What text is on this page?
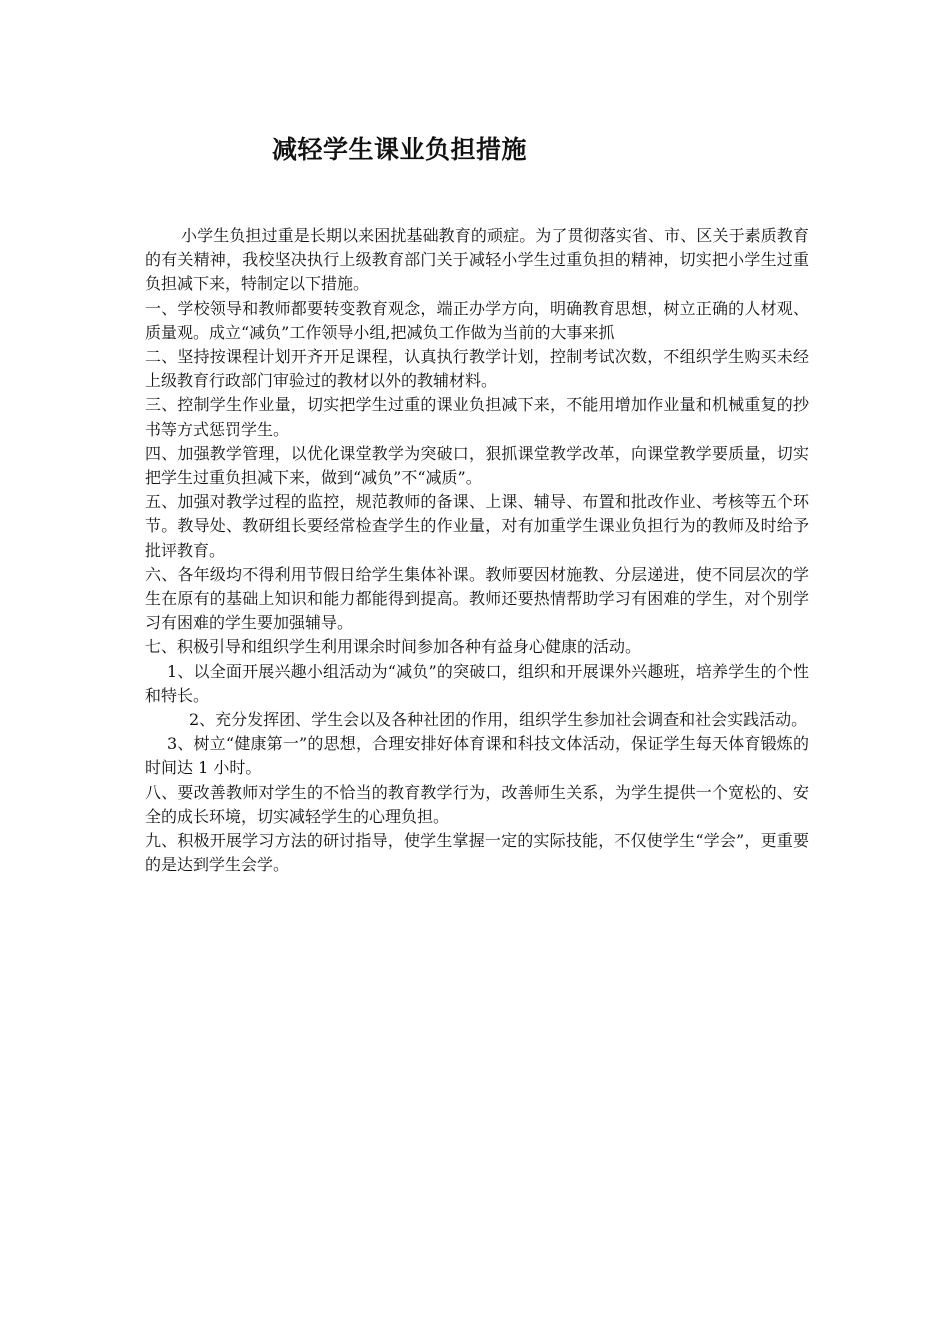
减轻学生课业负担措施

小学生负担过重是长期以来困扰基础教育的顽症。为了贯彻落实省、市、区关于素质教育的有关精神，我校坚决执行上级教育部门关于减轻小学生过重负担的精神，切实把小学生过重负担减下来，特制定以下措施。

一、学校领导和教师都要转变教育观念，端正办学方向，明确教育思想，树立正确的人材观、质量观。成立“减负”工作领导小组,把减负工作做为当前的大事来抓

二、坚持按课程计划开齐开足课程，认真执行教学计划，控制考试次数，不组织学生购买未经上级教育行政部门审验过的教材以外的教辅材料。

三、控制学生作业量，切实把学生过重的课业负担减下来，不能用增加作业量和机械重复的抄书等方式惩罚学生。

四、加强教学管理，以优化课堂教学为突破口，狠抓课堂教学改革，向课堂教学要质量，切实把学生过重负担减下来，做到“减负”不“减质”。

五、加强对教学过程的监控，规范教师的备课、上课、辅导、布置和批改作业、考核等五个环节。教导处、教研组长要经常检查学生的作业量，对有加重学生课业负担行为的教师及时给予批评教育。

六、各年级均不得利用节假日给学生集体补课。教师要因材施教、分层递进，使不同层次的学生在原有的基础上知识和能力都能得到提高。教师还要热情帮助学习有困难的学生，对个别学习有困难的学生要加强辅导。

七、积极引导和组织学生利用课余时间参加各种有益身心健康的活动。

1、以全面开展兴趣小组活动为“减负”的突破口，组织和开展课外兴趣班，培养学生的个性和特长。

2、充分发挥团、学生会以及各种社团的作用，组织学生参加社会调查和社会实践活动。

3、树立“健康第一”的思想，合理安排好体育课和科技文体活动，保证学生每天体育锻炼的时间达 1 小时。

八、要改善教师对学生的不恰当的教育教学行为，改善师生关系，为学生提供一个宽松的、安全的成长环境，切实减轻学生的心理负担。

九、积极开展学习方法的研讨指导，使学生掌握一定的实际技能，不仅使学生“学会”，更重要的是达到学生会学。
